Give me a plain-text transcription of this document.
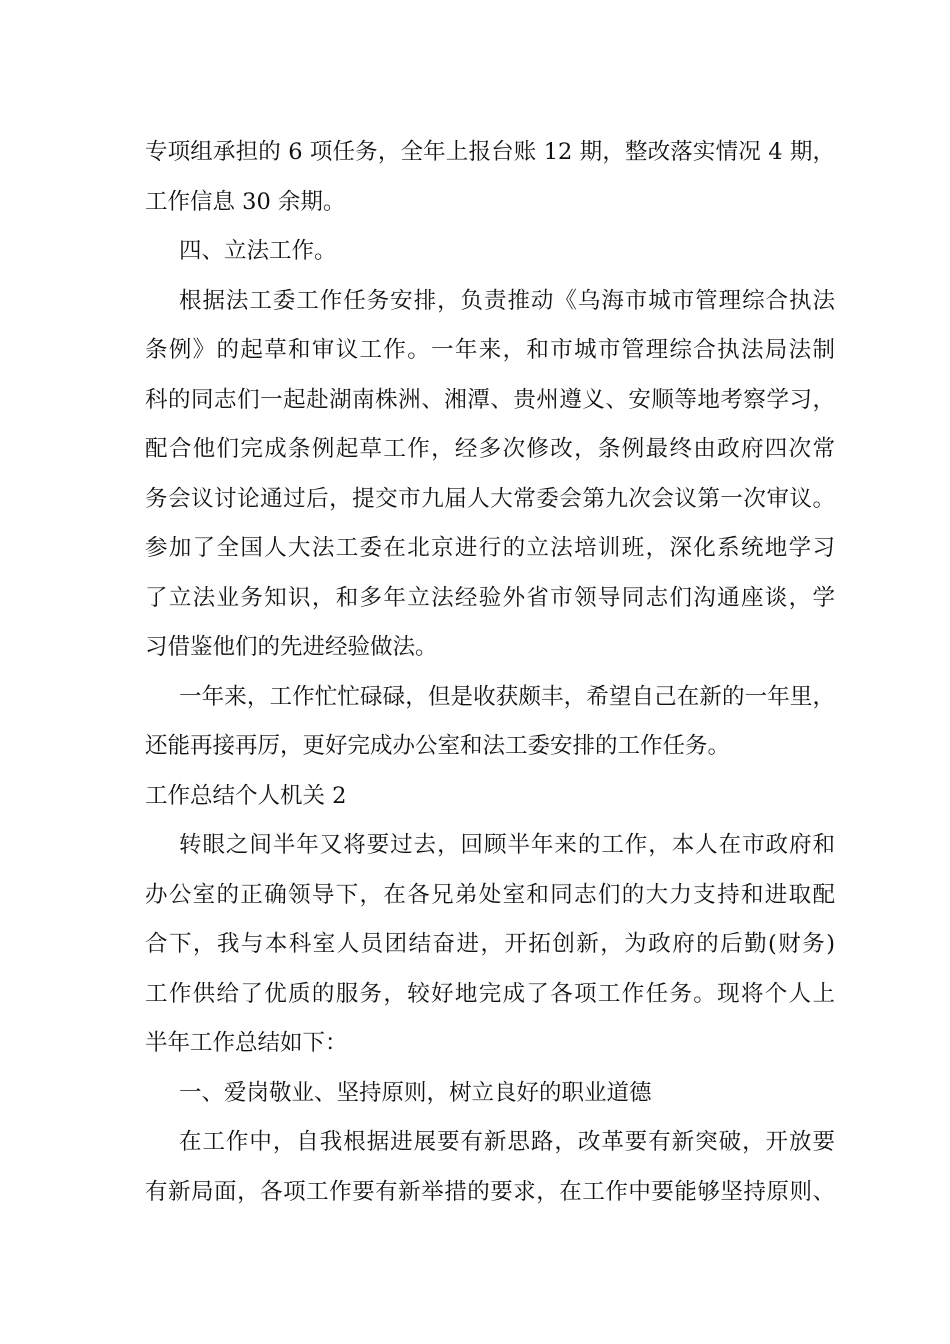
专项组承担的 6 项任务，全年上报台账 12 期，整改落实情况 4 期，
工作信息 30 余期。
四、立法工作。
根据法工委工作任务安排，负责推动《乌海市城市管理综合执法
条例》的起草和审议工作。一年来，和市城市管理综合执法局法制
科的同志们一起赴湖南株洲、湘潭、贵州遵义、安顺等地考察学习，
配合他们完成条例起草工作，经多次修改，条例最终由政府四次常
务会议讨论通过后，提交市九届人大常委会第九次会议第一次审议。
参加了全国人大法工委在北京进行的立法培训班，深化系统地学习
了立法业务知识，和多年立法经验外省市领导同志们沟通座谈，学
习借鉴他们的先进经验做法。
一年来，工作忙忙碌碌，但是收获颇丰，希望自己在新的一年里，
还能再接再厉，更好完成办公室和法工委安排的工作任务。
工作总结个人机关 2
转眼之间半年又将要过去，回顾半年来的工作，本人在市政府和
办公室的正确领导下，在各兄弟处室和同志们的大力支持和进取配
合下，我与本科室人员团结奋进，开拓创新，为政府的后勤(财务)
工作供给了优质的服务，较好地完成了各项工作任务。现将个人上
半年工作总结如下：
一、爱岗敬业、坚持原则，树立良好的职业道德
在工作中，自我根据进展要有新思路，改革要有新突破，开放要
有新局面，各项工作要有新举措的要求，在工作中要能够坚持原则、
